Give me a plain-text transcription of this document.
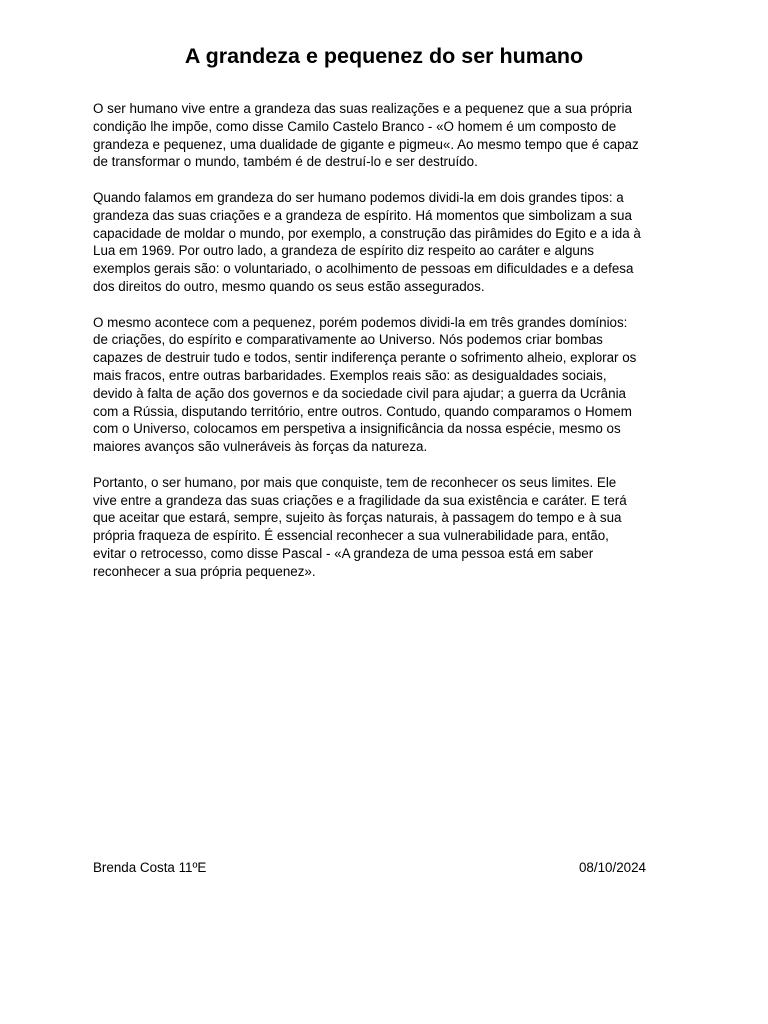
A grandeza e pequenez do ser humano

O ser humano vive entre a grandeza das suas realizações e a pequenez que a sua própria
condição lhe impõe, como disse Camilo Castelo Branco - «O homem é um composto de
grandeza e pequenez, uma dualidade de gigante e pigmeu«. Ao mesmo tempo que é capaz
de transformar o mundo, também é de destruí-lo e ser destruído.

Quando falamos em grandeza do ser humano podemos dividi-la em dois grandes tipos: a
grandeza das suas criações e a grandeza de espírito. Há momentos que simbolizam a sua
capacidade de moldar o mundo, por exemplo, a construção das pirâmides do Egito e a ida à
Lua em 1969. Por outro lado, a grandeza de espírito diz respeito ao caráter e alguns
exemplos gerais são: o voluntariado, o acolhimento de pessoas em dificuldades e a defesa
dos direitos do outro, mesmo quando os seus estão assegurados.

O mesmo acontece com a pequenez, porém podemos dividi-la em três grandes domínios:
de criações, do espírito e comparativamente ao Universo. Nós podemos criar bombas
capazes de destruir tudo e todos, sentir indiferença perante o sofrimento alheio, explorar os
mais fracos, entre outras barbaridades. Exemplos reais são: as desigualdades sociais,
devido à falta de ação dos governos e da sociedade civil para ajudar; a guerra da Ucrânia
com a Rússia, disputando território, entre outros. Contudo, quando comparamos o Homem
com o Universo, colocamos em perspetiva a insignificância da nossa espécie, mesmo os
maiores avanços são vulneráveis às forças da natureza.

Portanto, o ser humano, por mais que conquiste, tem de reconhecer os seus limites. Ele
vive entre a grandeza das suas criações e a fragilidade da sua existência e caráter. E terá
que aceitar que estará, sempre, sujeito às forças naturais, à passagem do tempo e à sua
própria fraqueza de espírito. É essencial reconhecer a sua vulnerabilidade para, então,
evitar o retrocesso, como disse Pascal - «A grandeza de uma pessoa está em saber
reconhecer a sua própria pequenez».

Brenda Costa 11ºE	08/10/2024
